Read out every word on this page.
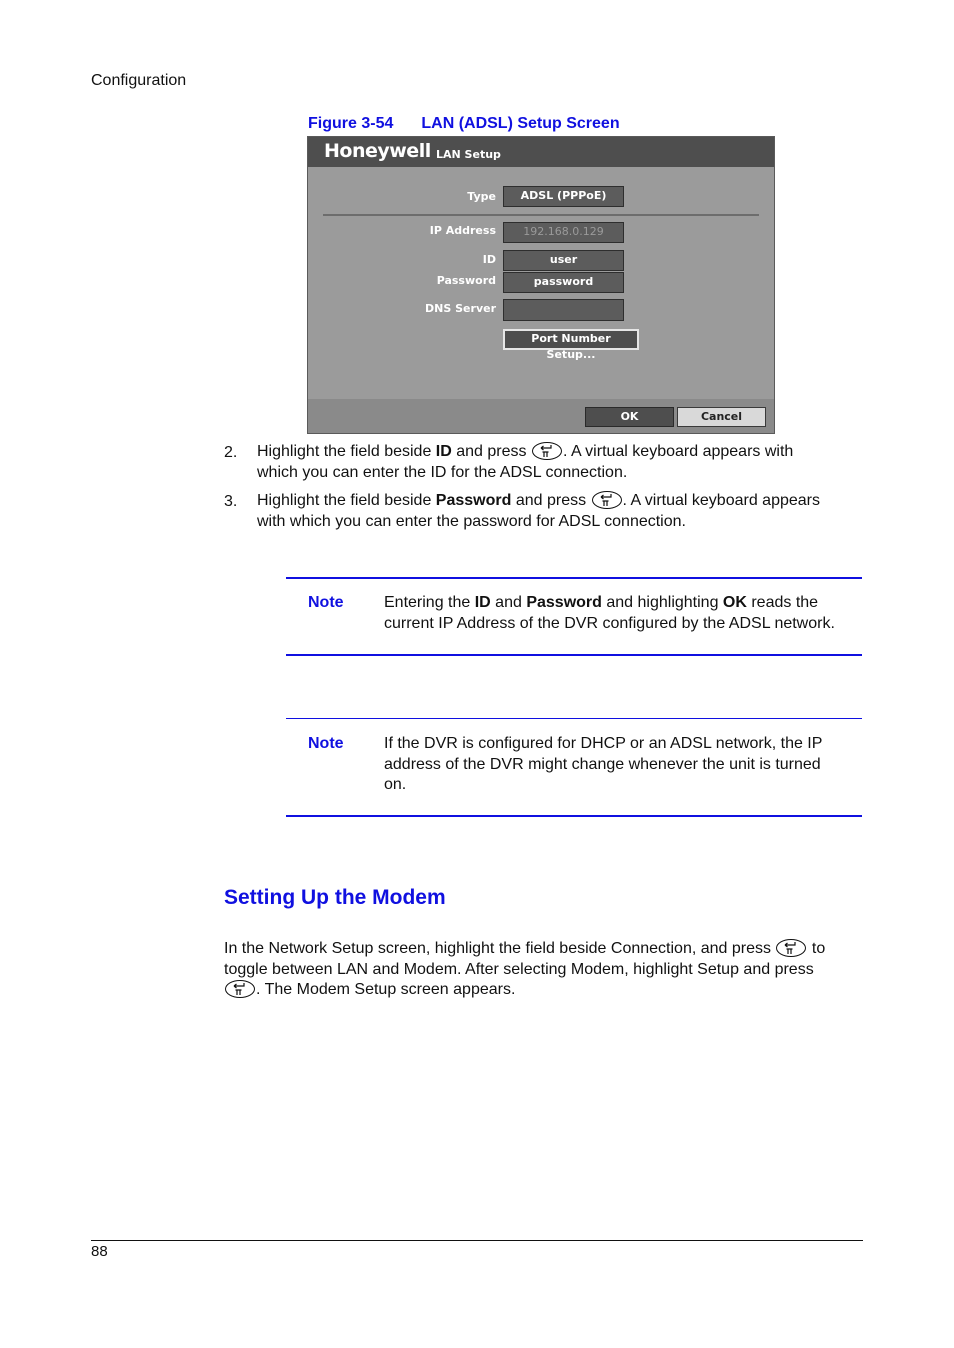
Configuration
Figure 3-54 LAN (ADSL) Setup Screen
Honeywell LAN Setup
Type	ADSL (PPPoE)
IP Address	192.168.0.129
ID	user
Password	password
DNS Server
Port Number Setup...
OK	Cancel
2. Highlight the field beside ID and press
. A virtual keyboard appears with
which you can enter the ID for the ADSL connection.
3. Highlight the field beside Password and press
. A virtual keyboard appears
with which you can enter the password for ADSL connection.
Note	Entering the ID and Password and highlighting OK reads the
current IP Address of the DVR configured by the ADSL network.
Note	If the DVR is configured for DHCP or an ADSL network, the IP
address of the DVR might change whenever the unit is turned
on.
Setting Up the Modem
In the Network Setup screen, highlight the field beside Connection, and press	to
toggle between LAN and Modem. After selecting Modem, highlight Setup and press
. The Modem Setup screen appears.
88
